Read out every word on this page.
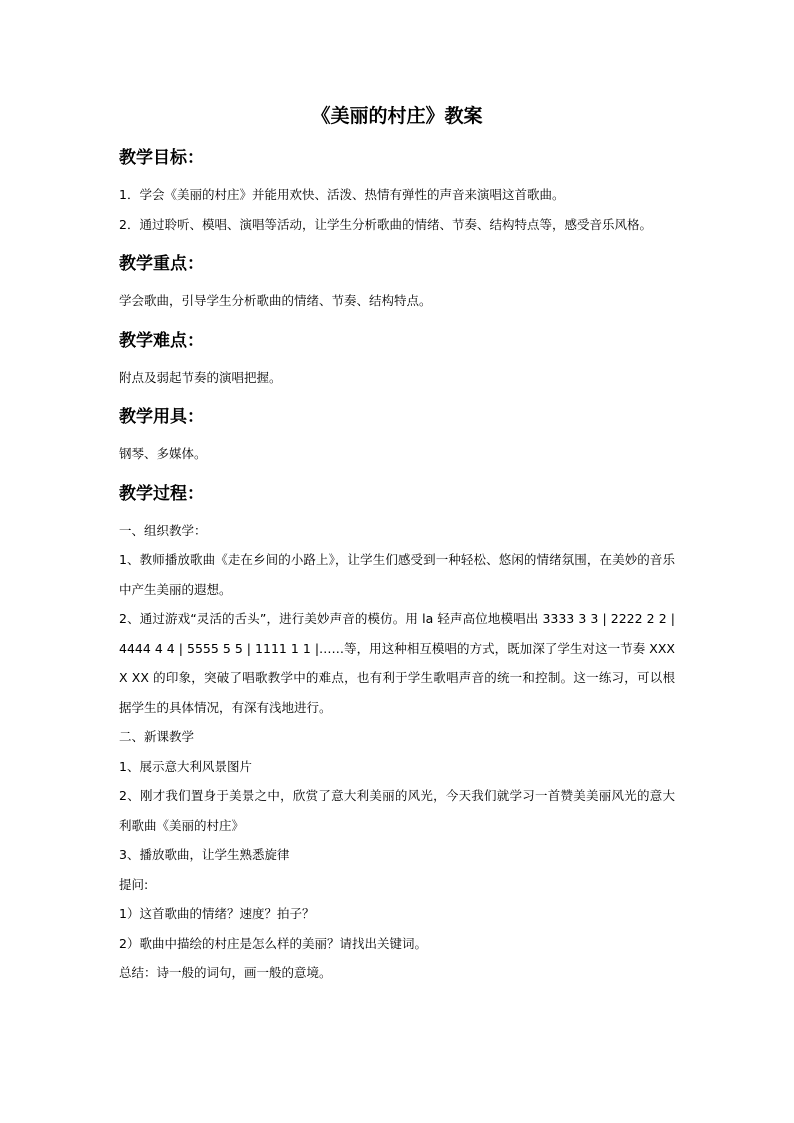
《美丽的村庄》教案
教学目标：

1．学会《美丽的村庄》并能用欢快、活泼、热情有弹性的声音来演唱这首歌曲。

2．通过聆听、模唱、演唱等活动，让学生分析歌曲的情绪、节奏、结构特点等，感受音乐风格。

教学重点：

学会歌曲，引导学生分析歌曲的情绪、节奏、结构特点。

教学难点：

附点及弱起节奏的演唱把握。

教学用具：

钢琴、多媒体。

教学过程：

一、组织教学：

1、教师播放歌曲《走在乡间的小路上》，让学生们感受到一种轻松、悠闲的情绪氛围，在美妙的音乐中产生美丽的遐想。

2、通过游戏“灵活的舌头”，进行美妙声音的模仿。用 la 轻声高位地模唱出 3333 3 3 | 2222 2 2 | 4444 4 4 | 5555 5 5 | 1111 1 1 |……等，用这种相互模唱的方式，既加深了学生对这一节奏 XXXX XX 的印象，突破了唱歌教学中的难点，也有利于学生歌唱声音的统一和控制。这一练习，可以根据学生的具体情况，有深有浅地进行。

二、新课教学

1、展示意大利风景图片

2、刚才我们置身于美景之中，欣赏了意大利美丽的风光，今天我们就学习一首赞美美丽风光的意大利歌曲《美丽的村庄》

3、播放歌曲，让学生熟悉旋律

提问:

1）这首歌曲的情绪？速度？拍子？

2）歌曲中描绘的村庄是怎么样的美丽？请找出关键词。

总结：诗一般的词句，画一般的意境。
